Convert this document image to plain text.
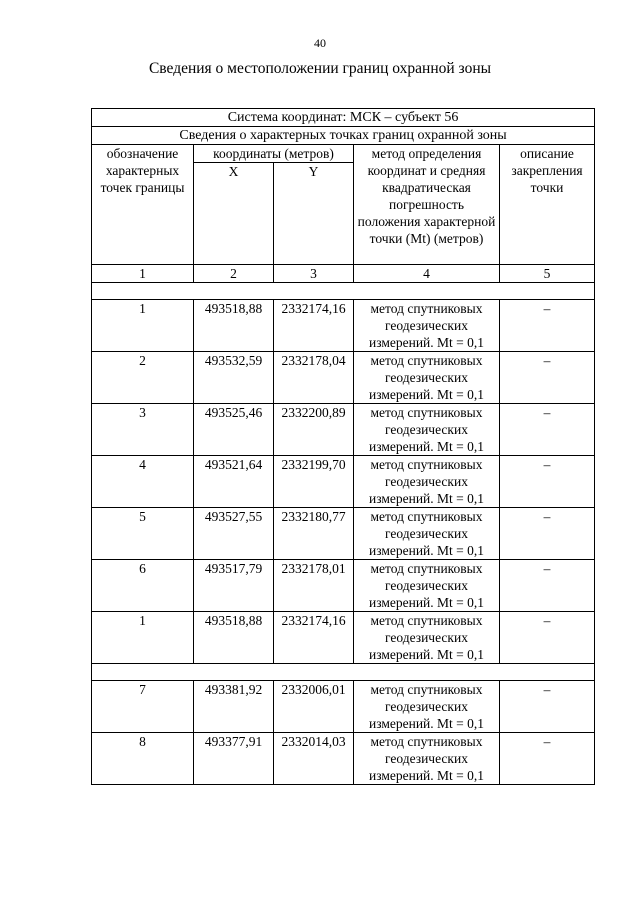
40
Сведения о местоположении границ охранной зоны
Система координат: МСК – субъект 56				
Сведения о характерных точках границ охранной зоны				
обозначение характерных точек границы	координаты (метров)		метод определения координат и средняя квадратическая погрешность положения характерной точки (Mt) (метров)	описание закрепления точки
	X	Y		
1	2	3	4	5

1	493518,88	2332174,16	метод спутниковых геодезических измерений. Mt = 0,1	–
2	493532,59	2332178,04	метод спутниковых геодезических измерений. Mt = 0,1	–
3	493525,46	2332200,89	метод спутниковых геодезических измерений. Mt = 0,1	–
4	493521,64	2332199,70	метод спутниковых геодезических измерений. Mt = 0,1	–
5	493527,55	2332180,77	метод спутниковых геодезических измерений. Mt = 0,1	–
6	493517,79	2332178,01	метод спутниковых геодезических измерений. Mt = 0,1	–
1	493518,88	2332174,16	метод спутниковых геодезических измерений. Mt = 0,1	–

7	493381,92	2332006,01	метод спутниковых геодезических измерений. Mt = 0,1	–
8	493377,91	2332014,03	метод спутниковых геодезических измерений. Mt = 0,1	–
